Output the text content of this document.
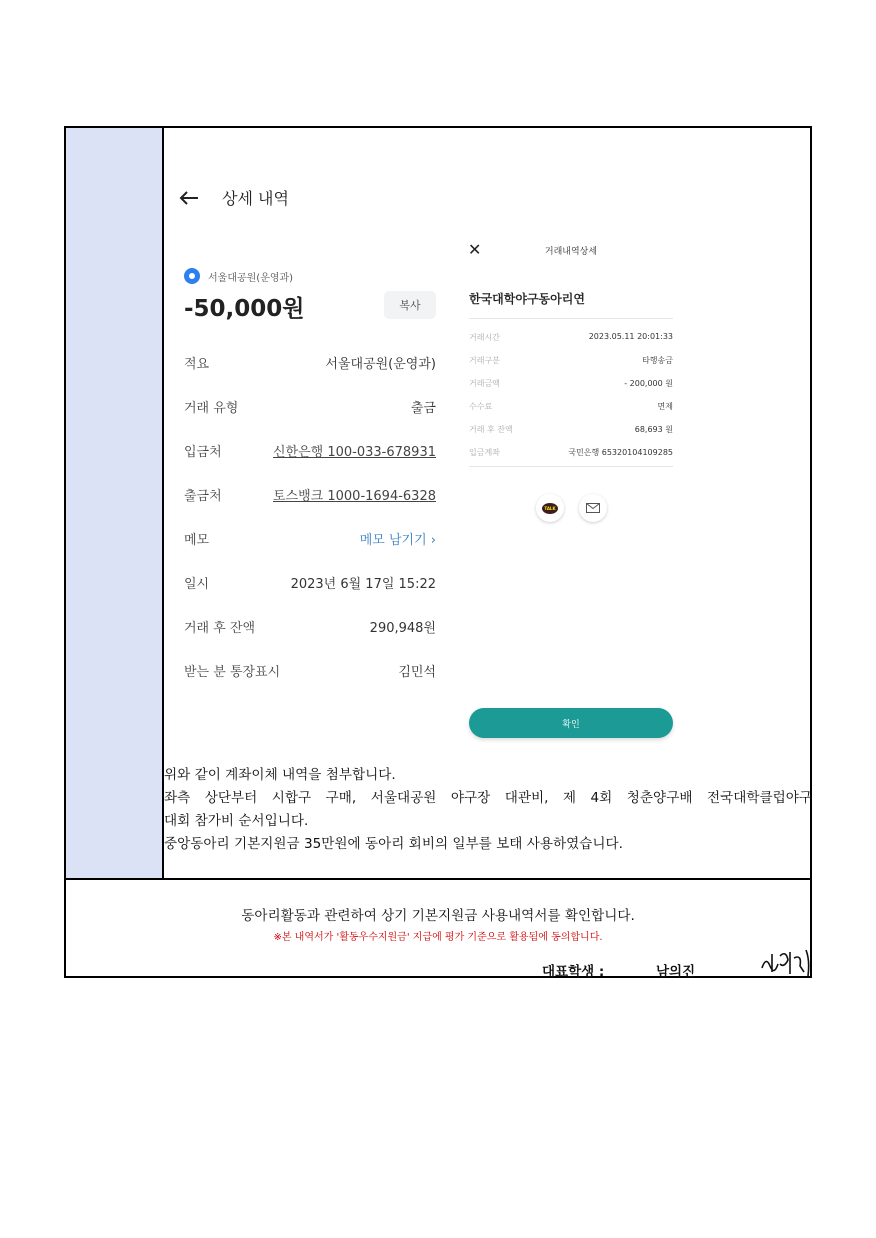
상세 내역
서울대공원(운영과)
-50,000원	복사
적요	서울대공원(운영과)
거래 유형	출금
입금처	신한은행 100-033-678931
출금처	토스뱅크 1000-1694-6328
메모	메모 남기기 ›
일시	2023년 6월 17일 15:22
거래 후 잔액	290,948원
받는 분 통장표시	김민석
✕	거래내역상세
한국대학야구동아리연
거래시간	2023.05.11 20:01:33
거래구분	타행송금
거래금액	- 200,000 원
수수료	면제
거래 후 잔액	68,693 원
입금계좌	국민은행 65320104109285
TALK
확인
위와 같이 계좌이체 내역을 첨부합니다.
좌측 상단부터 시합구 구매, 서울대공원 야구장 대관비, 제 4회 청춘양구배 전국대학클럽야구
대회 참가비 순서입니다.
중앙동아리 기본지원금 35만원에 동아리 회비의 일부를 보태 사용하였습니다.
동아리활동과 관련하여 상기 기본지원금 사용내역서를 확인합니다.
※본 내역서가 '활동우수지원금' 지급에 평가 기준으로 활용됨에 동의합니다.
대표학생 :	남의진
